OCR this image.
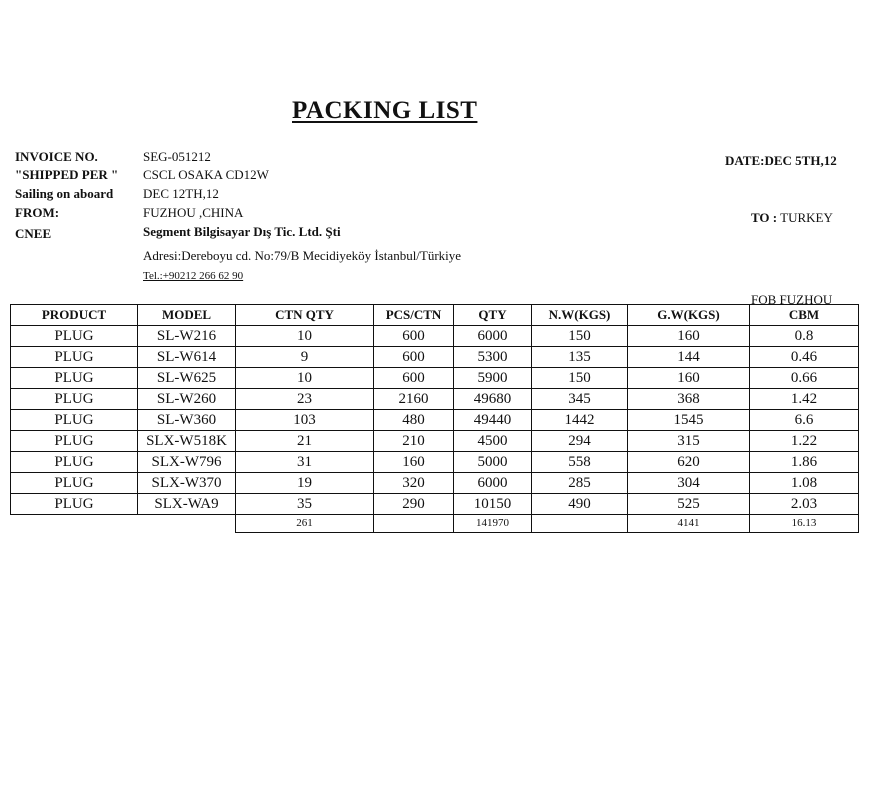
PACKING LIST
INVOICE NO.	SEG-051212
"SHIPPED PER " CSCL OSAKA CD12W
Sailing on aboard DEC 12TH,12
FROM:	FUZHOU ,CHINA
CNEE	Segment Bilgisayar Dış Tic. Ltd. Şti
Adresi:Dereboyu cd. No:79/B Mecidiyeköy İstanbul/Türkiye
Tel.:+90212 266 62 90
DATE:DEC 5TH,12
TO : TURKEY
FOB FUZHOU
PRODUCT	MODEL	CTN QTY	PCS/CTN	QTY	N.W(KGS)	G.W(KGS)	CBM
PLUG	SL-W216	10	600	6000	150	160	0.8
PLUG	SL-W614	9	600	5300	135	144	0.46
PLUG	SL-W625	10	600	5900	150	160	0.66
PLUG	SL-W260	23	2160	49680	345	368	1.42
PLUG	SL-W360	103	480	49440	1442	1545	6.6
PLUG	SLX-W518K	21	210	4500	294	315	1.22
PLUG	SLX-W796	31	160	5000	558	620	1.86
PLUG	SLX-W370	19	320	6000	285	304	1.08
PLUG	SLX-WA9	35	290	10150	490	525	2.03
		261		141970		4141	16.13
